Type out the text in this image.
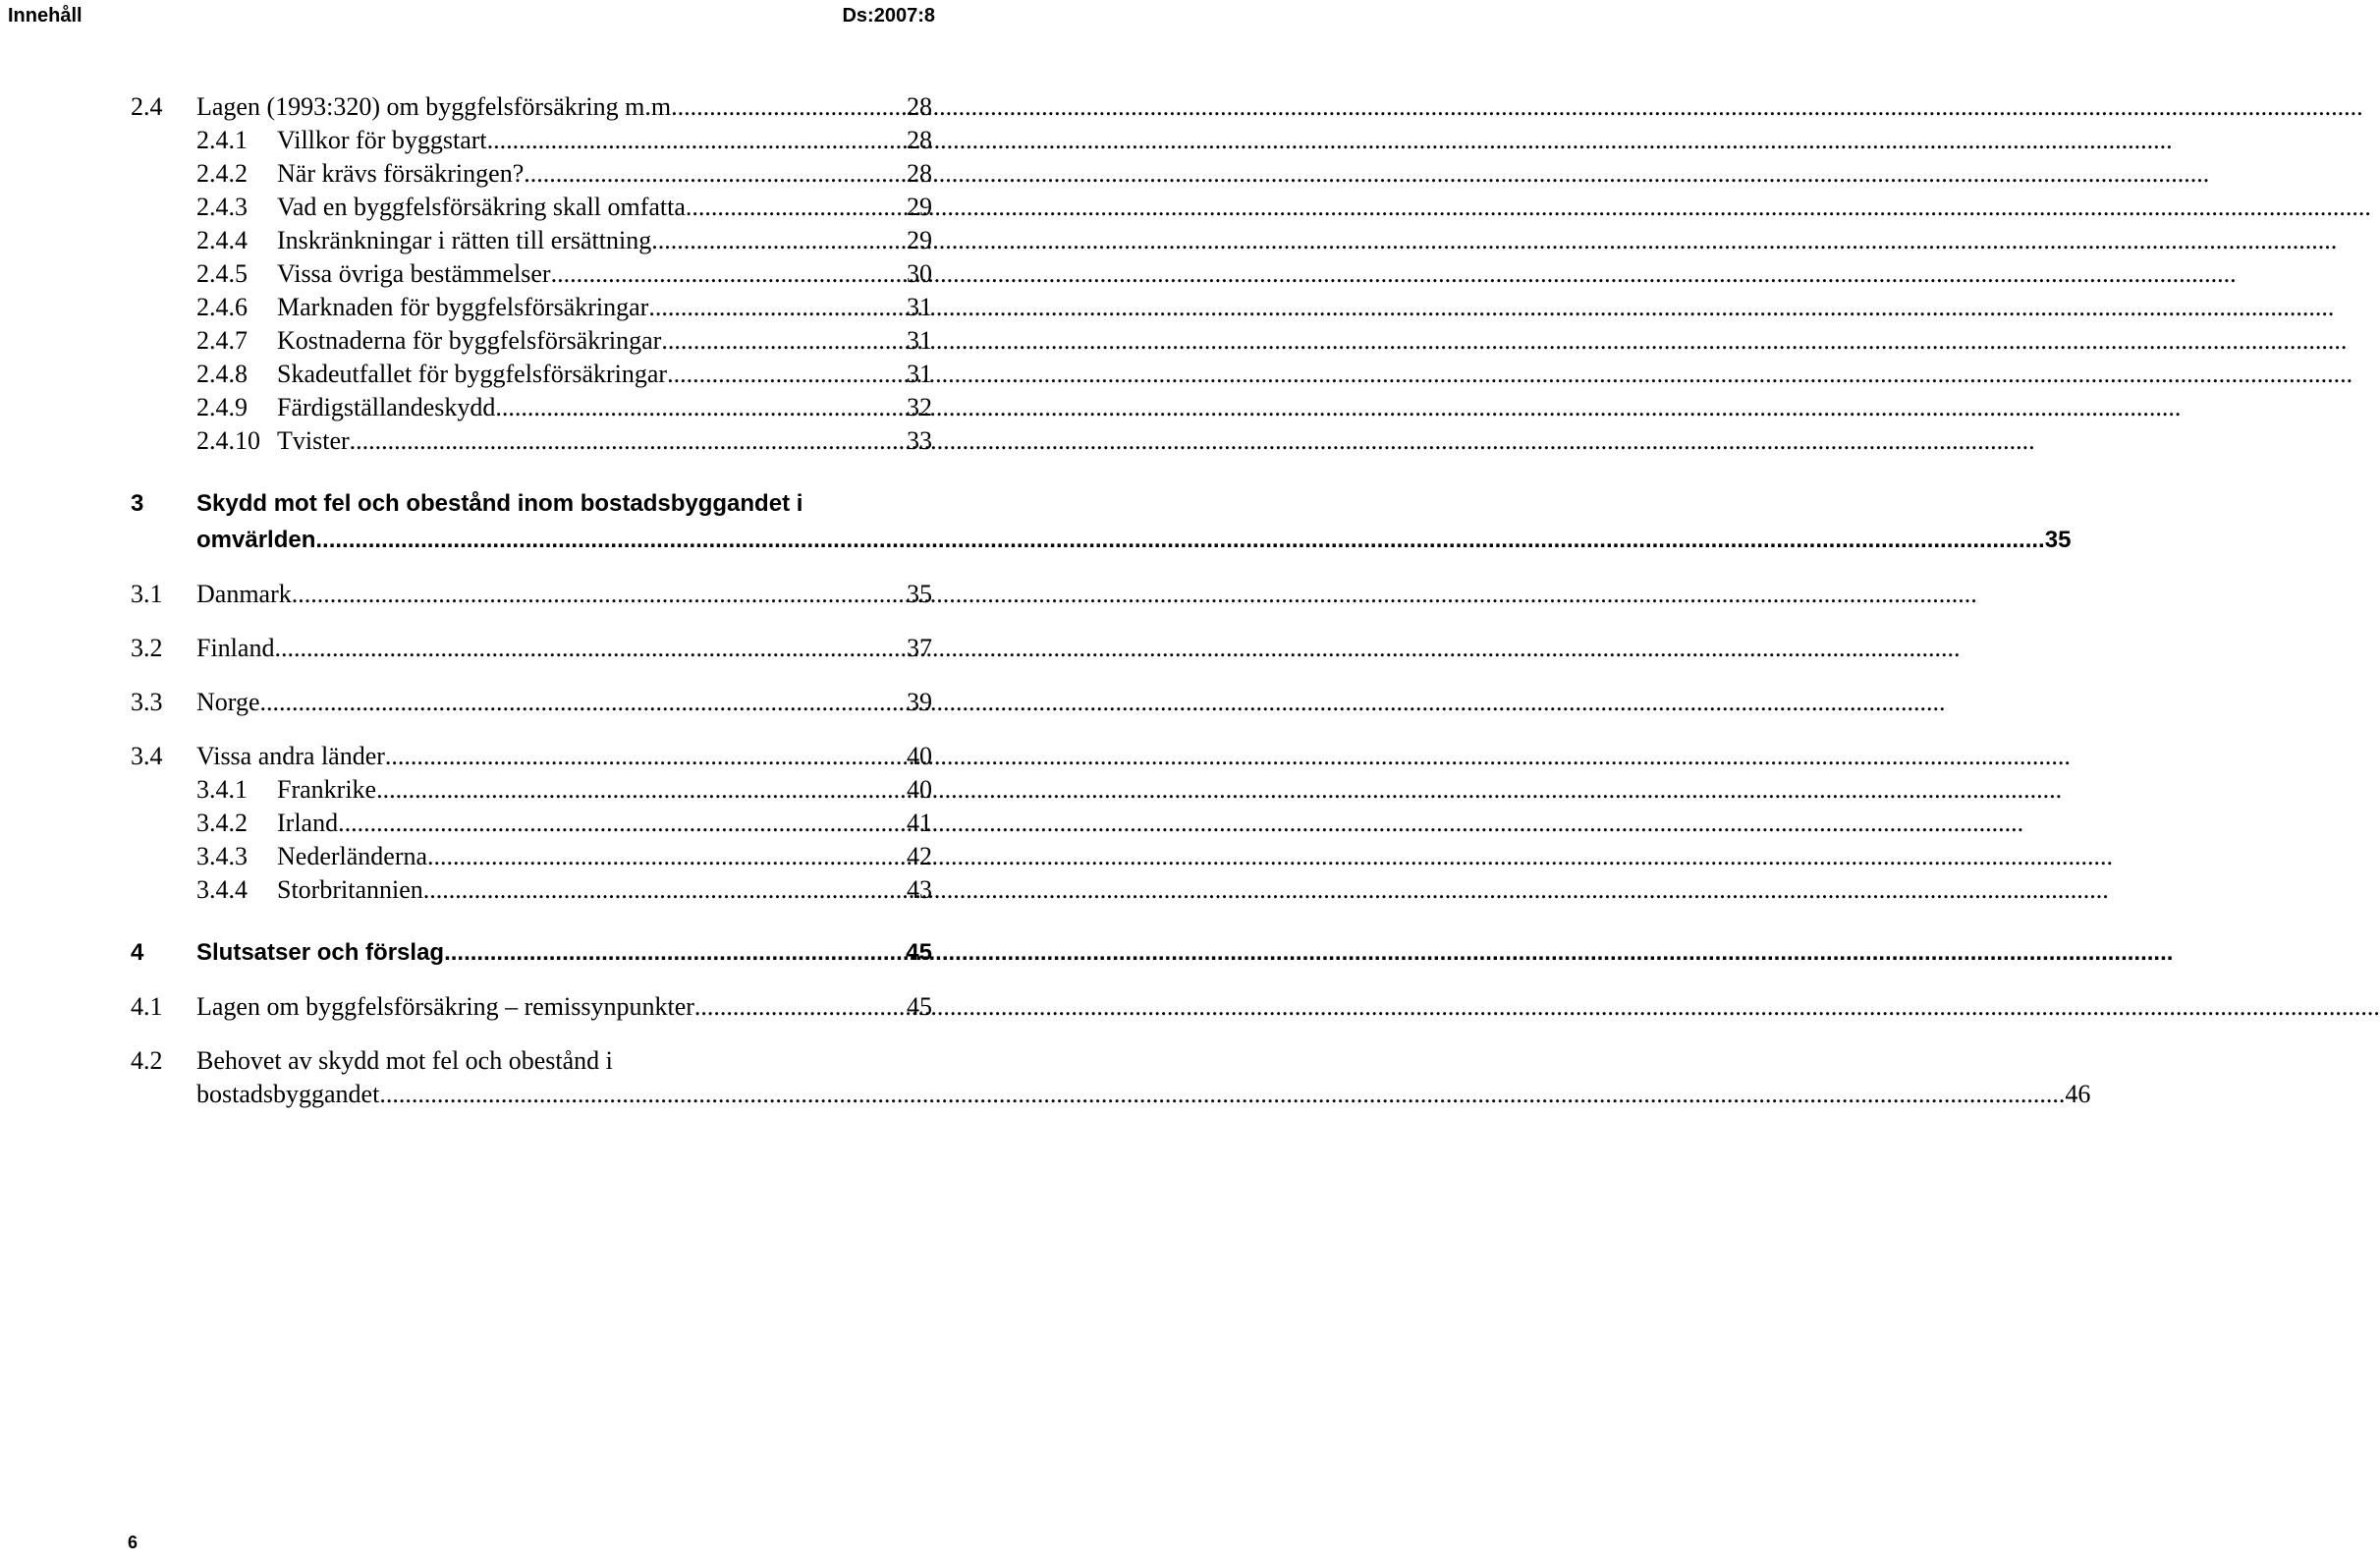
Innehåll	Ds:2007:8
2.4	Lagen (1993:320) om byggfelsförsäkring m.m. .....	28
2.4.1	Villkor för byggstart .....	28
2.4.2	När krävs försäkringen? .....	28
2.4.3	Vad en byggfelsförsäkring skall omfatta .....	29
2.4.4	Inskränkningar i rätten till ersättning .....	29
2.4.5	Vissa övriga bestämmelser .....	30
2.4.6	Marknaden för byggfelsförsäkringar .....	31
2.4.7	Kostnaderna för byggfelsförsäkringar .....	31
2.4.8	Skadeutfallet för byggfelsförsäkringar .....	31
2.4.9	Färdigställandeskydd .....	32
2.4.10 Tvister .....	33
3	Skydd mot fel och obestånd inom bostadsbyggandet i
omvärlden .....	35
3.1	Danmark .....	35
3.2	Finland .....	37
3.3	Norge .....	39
3.4	Vissa andra länder .....	40
3.4.1	Frankrike .....	40
3.4.2	Irland .....	41
3.4.3	Nederländerna .....	42
3.4.4	Storbritannien .....	43
4	Slutsatser och förslag .....	45
4.1	Lagen om byggfelsförsäkring – remissynpunkter .....	45
4.2	Behovet av skydd mot fel och obestånd i
bostadsbyggandet .....	46
6
